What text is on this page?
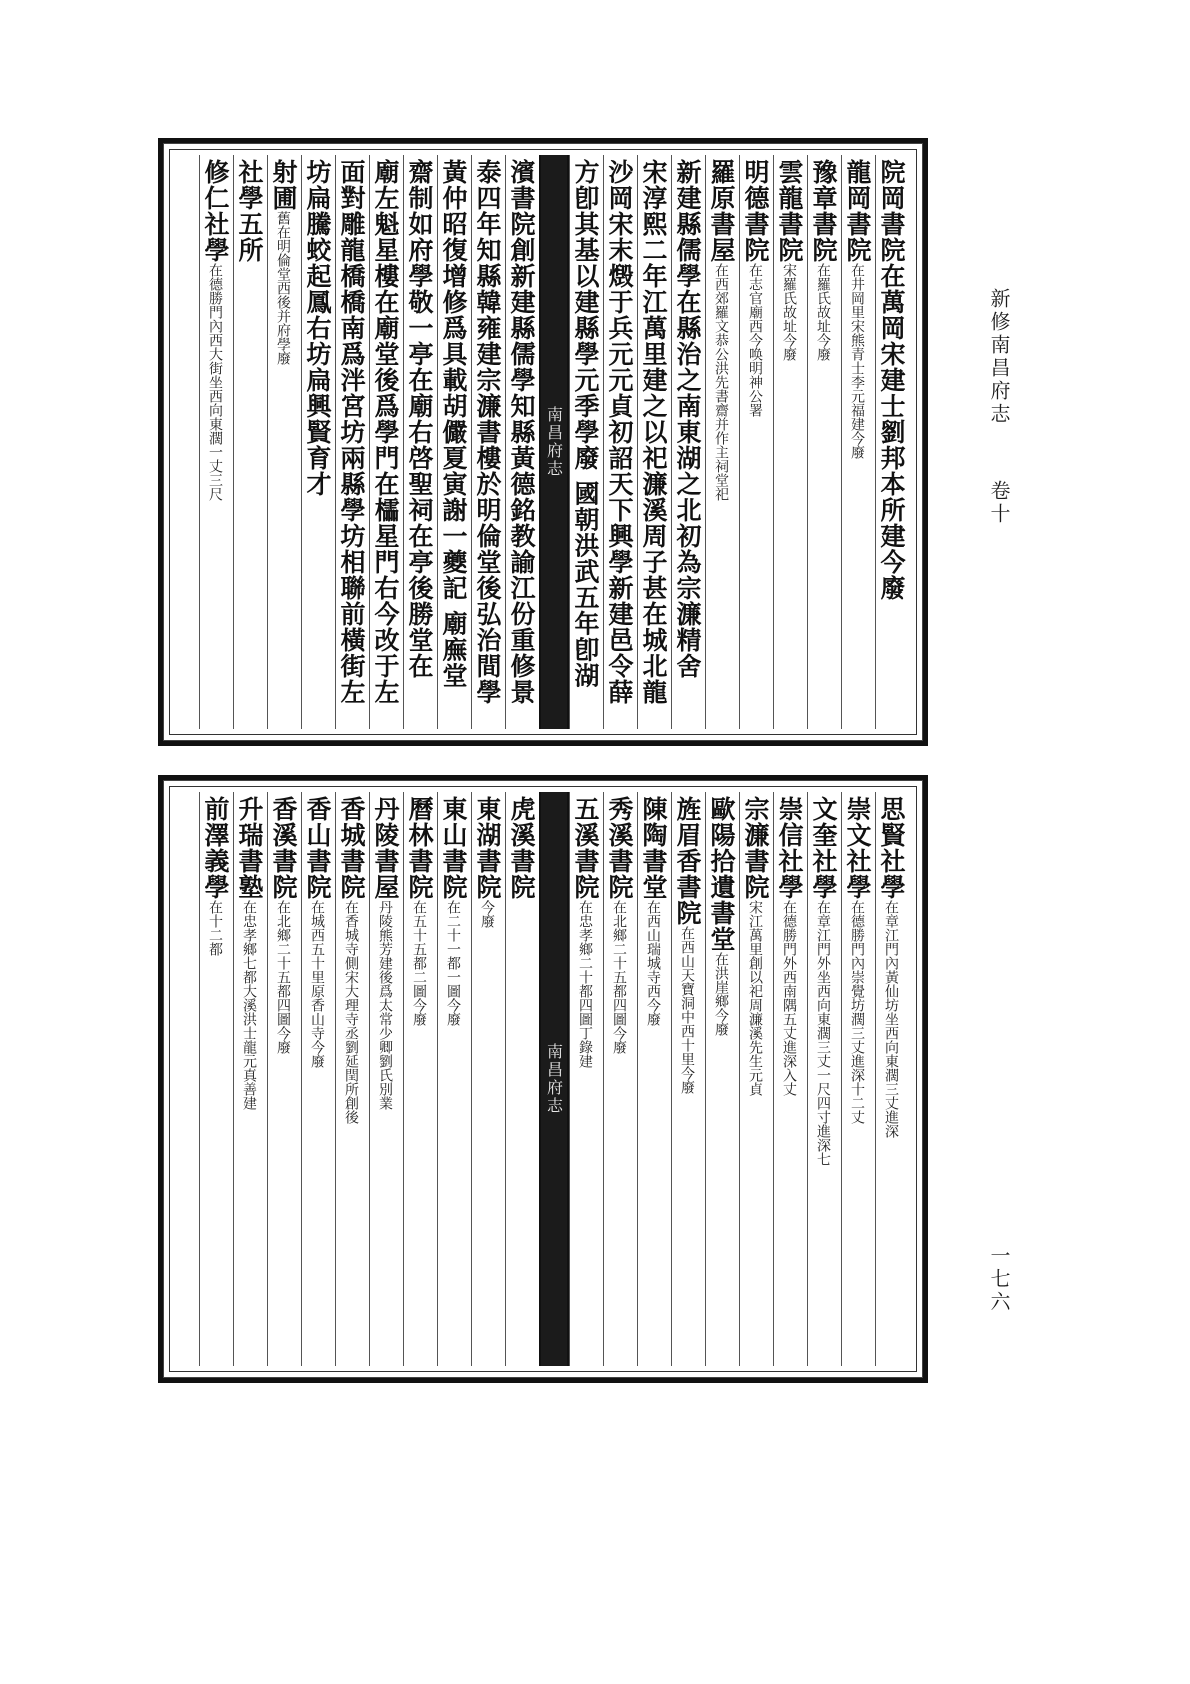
新修南昌府志
卷十
一七六
院岡書院在萬岡宋建士劉邦本所建今廢
龍岡書院在井岡里宋熊青士李元福建今廢
豫章書院在羅氏故址今廢
雲龍書院宋羅氏故址今廢
明德書院在志官廟西今唤明神公署
羅原書屋在西郊羅文恭公洪先書齋并作主祠堂祀
新建縣儒學在縣治之南東湖之北初為宗濂精舍
宋淳熙二年江萬里建之以祀濂溪周子甚在城北龍
沙岡宋末燬于兵元元貞初詔天下興學新建邑令薛
方卽其基以建縣學元季學廢 國朝洪武五年卽湖
南昌府志
濱書院創新建縣儒學知縣黃德銘教諭江份重修景
泰四年知縣韓雍建宗濂書樓於明倫堂後弘治間學
黃仲昭復增修爲具載胡儼夏寅謝一夔記 廟廡堂
齋制如府學敬一亭在廟右啓聖祠在亭後勝堂在
廟左魁星樓在廟堂後爲學門在櫺星門右今改于左
面對雕龍橋橋南爲泮宮坊兩縣學坊相聯前橫街左
坊扁騰蛟起鳳右坊扁興賢育才
射圃舊在明倫堂西後并府學廢
社學五所
修仁社學在德勝門內西大街坐西向東濶一丈三尺
思賢社學在章江門內黃仙坊坐西向東濶三丈進深
崇文社學在德勝門內崇覺坊濶三丈進深十二丈
文奎社學在章江門外坐西向東濶三丈一尺四寸進深七
崇信社學在德勝門外西南隅五丈進深入丈
宗濂書院宋江萬里創以祀周濂溪先生元貞
歐陽拾遺書堂在洪崖鄉今廢
旌眉香書院在西山天寶洞中西十里今廢
陳陶書堂在西山瑞城寺西今廢
秀溪書院在北鄉二十五都四圖今廢
五溪書院在忠孝鄉二十都四圖丁錄建
南昌府志
虎溪書院
東湖書院今廢
東山書院在二十一都一圖今廢
曆林書院在五十五都二圖今廢
丹陵書屋丹陵熊芳建後爲太常少卿劉氏別業
香城書院在香城寺側宋大理寺丞劉延閏所創後
香山書院在城西五十里原香山寺今廢
香溪書院在北鄉二十五都四圖今廢
升瑞書塾在忠孝鄉七都大溪洪士龍元真善建
前澤義學在十二都
